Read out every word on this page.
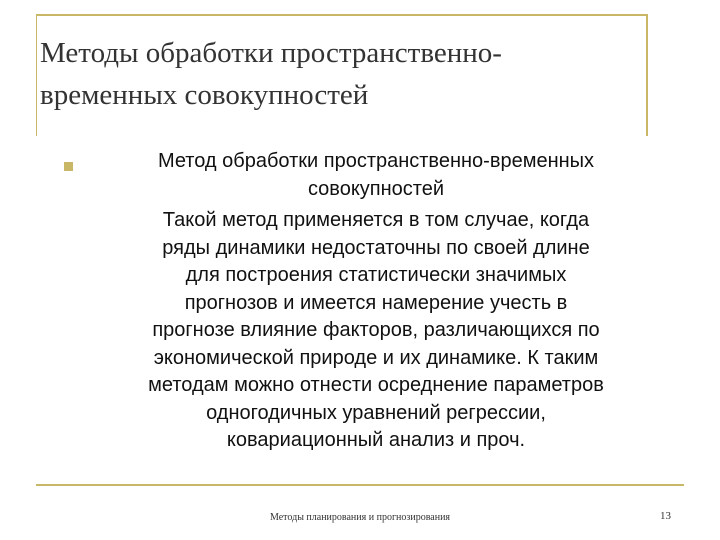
Методы обработки пространственно-
временных совокупностей

Метод обработки пространственно-временных
совокупностей

Такой метод применяется в том случае, когда
ряды динамики недостаточны по своей длине
для построения статистически значимых
прогнозов и имеется намерение учесть в
прогнозе влияние факторов, различающихся по
экономической природе и их динамике. К таким
методам можно отнести осреднение параметров
одногодичных уравнений регрессии,
ковариационный анализ и проч.

Методы планирования и прогнозирования	13
